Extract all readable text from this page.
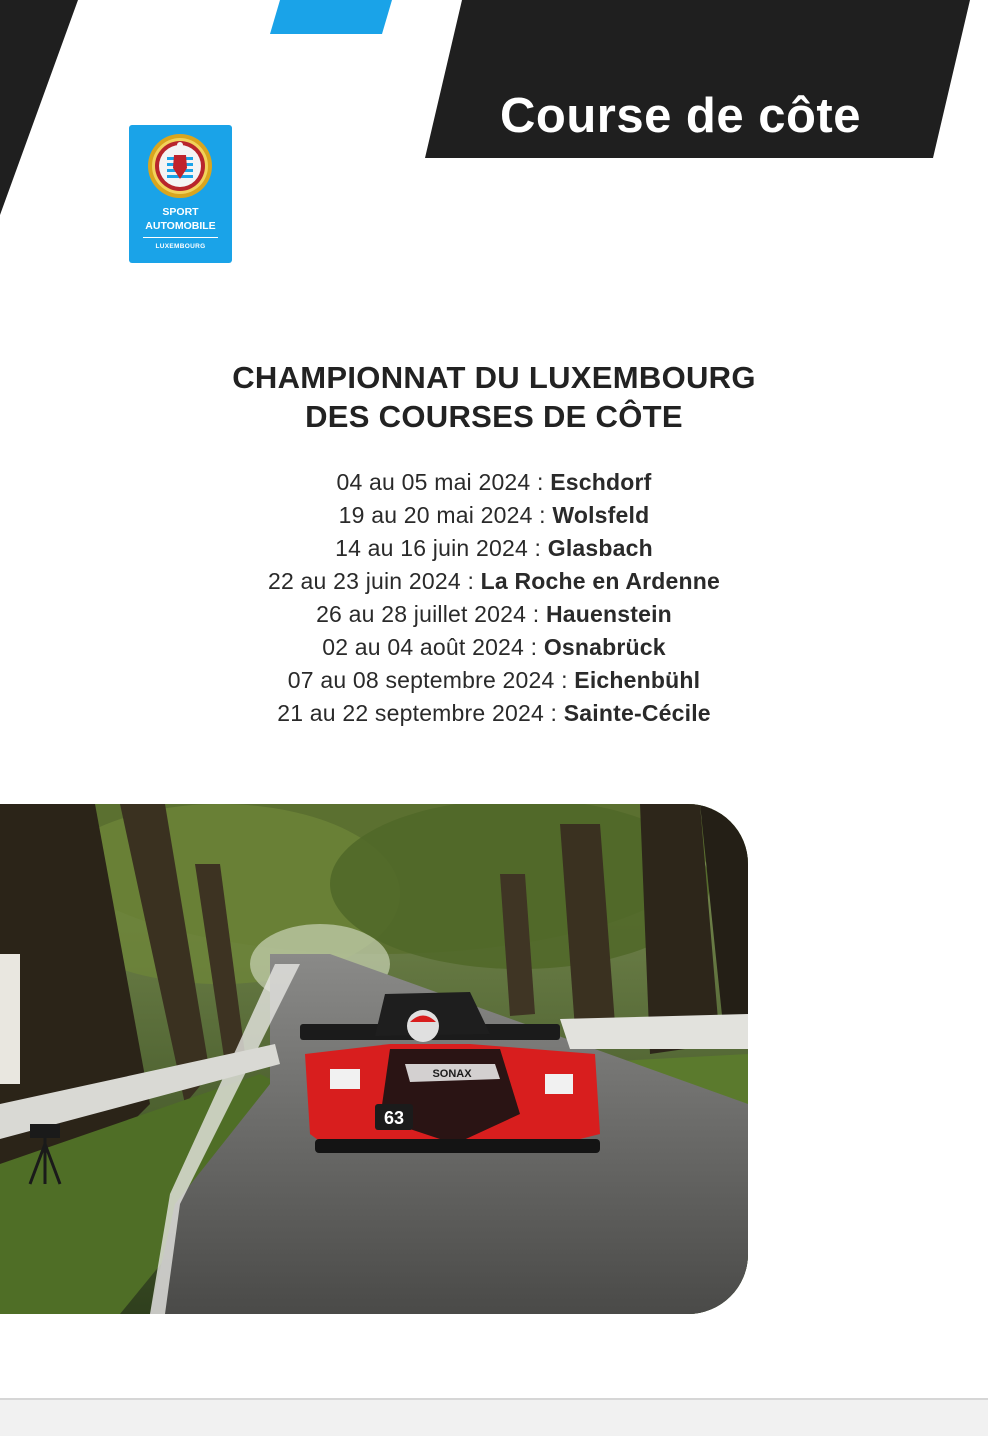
Course de côte
SPORT
AUTOMOBILE
LUXEMBOURG
CHAMPIONNAT DU LUXEMBOURG
DES COURSES DE CÔTE
04 au 05 mai 2024 : Eschdorf
19 au 20 mai 2024 : Wolsfeld
14 au 16 juin 2024 : Glasbach
22 au 23 juin 2024 : La Roche en Ardenne
26 au 28 juillet 2024 : Hauenstein
02 au 04 août 2024 : Osnabrück
07 au 08 septembre 2024 : Eichenbühl
21 au 22 septembre 2024 : Sainte-Cécile
63
SONAX
